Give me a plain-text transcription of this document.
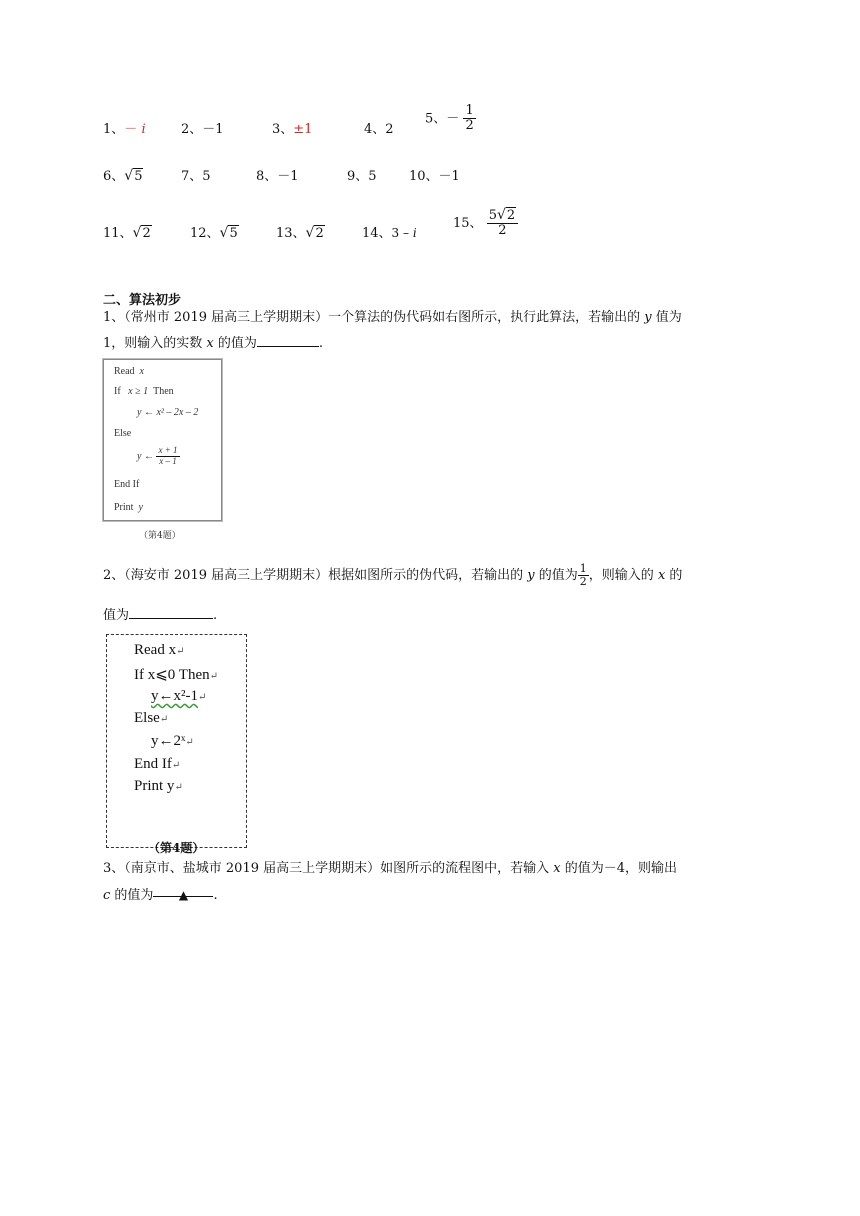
1、－ i	2、－1	3、±1	4、2
5、－ $\frac{1}{2}$
6、√5	7、5	8、－1	9、5 10、－1
11、√2	12、√5	13、√2	14、3 – i
15、 $\frac{5√2}{2}$
二、算法初步
1、（常州市 2019 届高三上学期期末）一个算法的伪代码如右图所示，执行此算法，若输出的 y 值为
1，则输入的实数 x 的值为	.
Read x
If x ≥ 1 Then
y ← x² – 2x – 2
Else
y ← $\frac{x + 1}{x - 1}$
End If
Print y
（第4题）
2、（海安市 2019 届高三上学期期末）根据如图所示的伪代码，若输出的 y 的值为 $\frac{1}{2}$ ，则输入的 x 的
值为	.
Read x↵
If x⩽0 Then↵
y←x²-1↵
Else↵
y←2ˣ↵
End If↵
Print y↵
（第4题）
3、（南京市、盐城市 2019 届高三上学期期末）如图所示的流程图中，若输入 x 的值为－4，则输出
c 的值为 ▲ .
